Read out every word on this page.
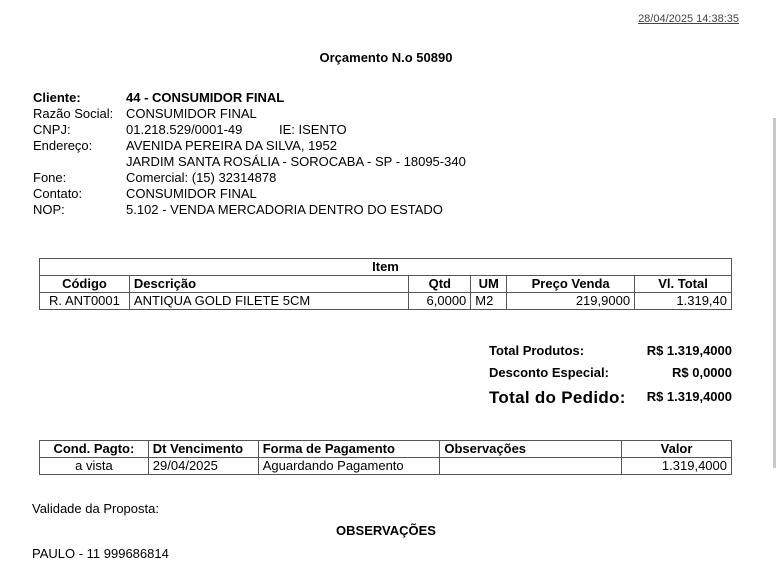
28/04/2025 14:38:35
Orçamento N.o 50890
Cliente:	44 - CONSUMIDOR FINAL
Razão Social: CONSUMIDOR FINAL
CNPJ:	01.218.529/0001-49	IE: ISENTO
Endereço:	AVENIDA PEREIRA DA SILVA, 1952
JARDIM SANTA ROSÁLIA - SOROCABA - SP - 18095-340
Fone:	Comercial: (15) 32314878
Contato:	CONSUMIDOR FINAL
NOP:	5.102 - VENDA MERCADORIA DENTRO DO ESTADO
Item					
Código	Descrição	Qtd	UM	Preço Venda	Vl. Total
R. ANT0001	ANTIQUA GOLD FILETE 5CM	6,0000	M2	219,9000	1.319,40
Total Produtos:	R$ 1.319,4000
Desconto Especial:	R$ 0,0000
Total do Pedido: R$ 1.319,4000
Cond. Pagto:	Dt Vencimento	Forma de Pagamento	Observações	Valor
a vista	29/04/2025	Aguardando Pagamento		1.319,4000
Validade da Proposta:
OBSERVAÇÕES
PAULO - 11 999686814
